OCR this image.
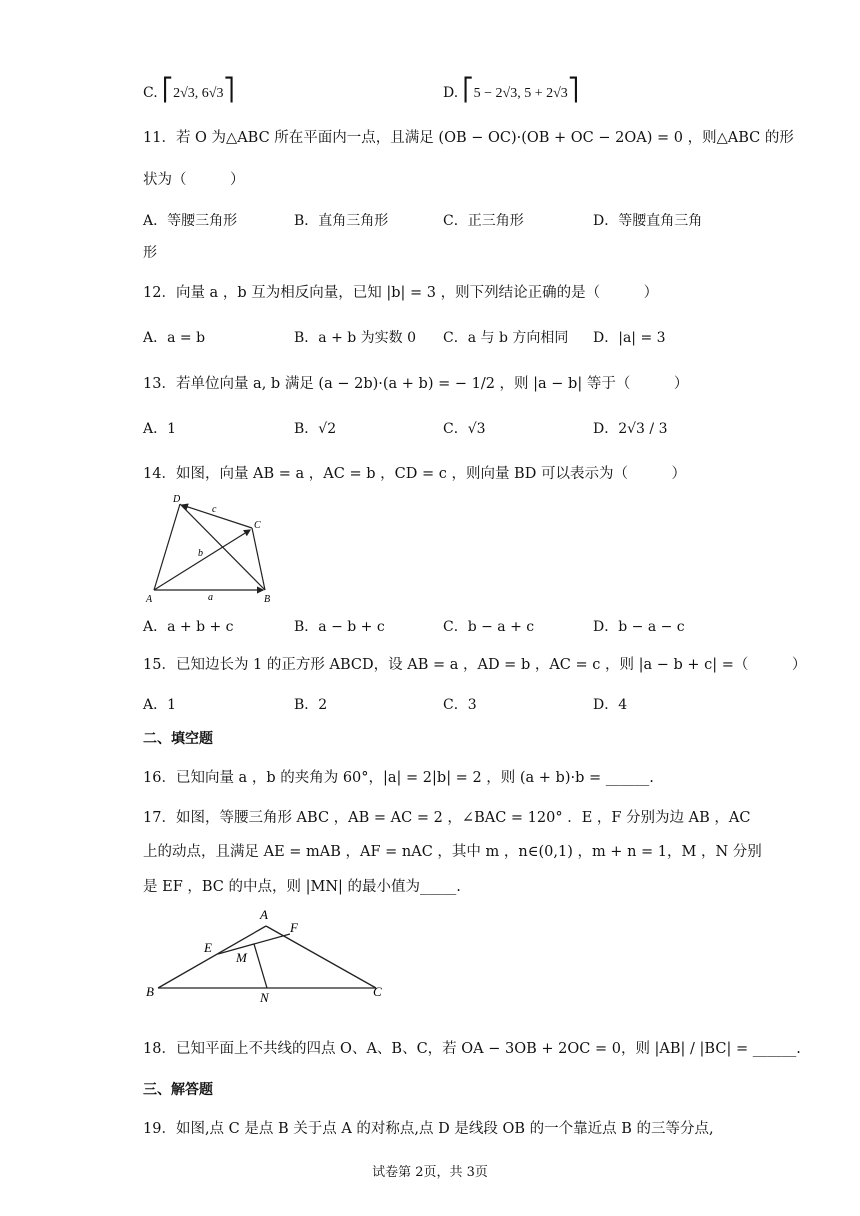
C. ⎡2√3, 6√3⎤	D. ⎡5 − 2√3, 5 + 2√3⎤
11．若 O 为△ABC 所在平面内一点，且满足 (OB − OC)·(OB + OC − 2OA) = 0 ，则△ABC 的形
状为（　　　）
A．等腰三角形	B．直角三角形	C．正三角形	D．等腰直角三角
形
12．向量 a ，b 互为相反向量，已知 |b| = 3 ，则下列结论正确的是（　　　）
A．a = b	B．a + b 为实数 0 C．a 与 b 方向相同 D．|a| = 3
13．若单位向量 a, b 满足 (a − 2b)·(a + b) = − 1/2 ，则 |a − b| 等于（　　　）
A．1	B．√2	C．√3	D．2√3 / 3
14．如图，向量 AB = a ，AC = b ，CD = c ，则向量 BD 可以表示为（　　　）
D
C
A	B
a
b
c
A．a + b + c	B．a − b + c	C．b − a + c	D．b − a − c
15．已知边长为 1 的正方形 ABCD，设 AB = a ，AD = b ，AC = c ，则 |a − b + c| =（　　　）
A．1	B．2	C．3	D．4
二、填空题
16．已知向量 a ，b 的夹角为 60°，|a| = 2|b| = 2 ，则 (a + b)·b = ______.
17．如图，等腰三角形 ABC ，AB = AC = 2 ，∠BAC = 120° ．E ，F 分别为边 AB ，AC
上的动点，且满足 AE = mAB ，AF = nAC ，其中 m ，n∈(0,1) ，m + n = 1，M ，N 分别
是 EF ，BC 的中点，则 |MN| 的最小值为_____.
A
B	C
E
F
M
N
18．已知平面上不共线的四点 O、A、B、C，若 OA − 3OB + 2OC = 0，则 |AB| / |BC| = ______.
三、解答题
19．如图,点 C 是点 B 关于点 A 的对称点,点 D 是线段 OB 的一个靠近点 B 的三等分点,
试卷第 2页，共 3页
